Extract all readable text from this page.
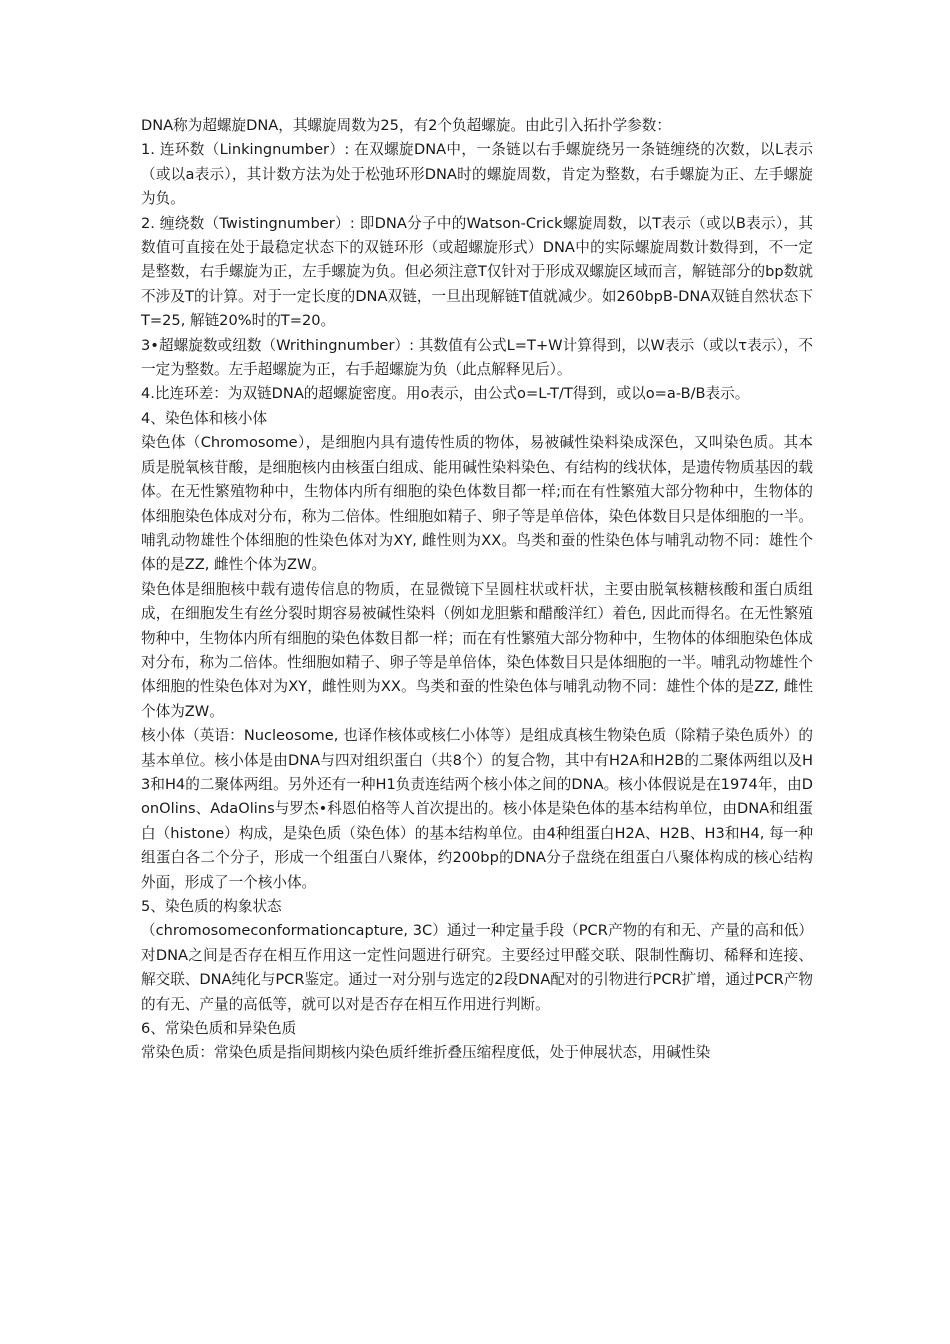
DNA称为超螺旋DNA，其螺旋周数为25，有2个负超螺旋。由此引入拓扑学参数：

1. 连环数（Linkingnumber）: 在双螺旋DNA中，一条链以右手螺旋绕另一条链缠绕的次数，以L表示（或以a表示），其计数方法为处于松弛环形DNA时的螺旋周数，肯定为整数，右手螺旋为正、左手螺旋为负。

2. 缠绕数（Twistingnumber）: 即DNA分子中的Watson-Crick螺旋周数，以T表示（或以B表示），其数值可直接在处于最稳定状态下的双链环形（或超螺旋形式）DNA中的实际螺旋周数计数得到，不一定是整数，右手螺旋为正，左手螺旋为负。但必须注意T仅针对于形成双螺旋区域而言，解链部分的bp数就不涉及T的计算。对于一定长度的DNA双链，一旦出现解链T值就减少。如260bpB-DNA双链自然状态下T=25, 解链20%时的T=20。

3•超螺旋数或纽数（Writhingnumber）: 其数值有公式L=T+W计算得到，以W表示（或以τ表示），不一定为整数。左手超螺旋为正，右手超螺旋为负（此点解释见后）。

4.比连环差：为双链DNA的超螺旋密度。用o表示，由公式o=L-T/T得到，或以o=a-B/B表示。

4、染色体和核小体

染色体（Chromosome），是细胞内具有遗传性质的物体，易被碱性染料染成深色，又叫染色质。其本质是脱氧核苷酸，是细胞核内由核蛋白组成、能用碱性染料染色、有结构的线状体，是遗传物质基因的载体。在无性繁殖物种中，生物体内所有细胞的染色体数目都一样;而在有性繁殖大部分物种中，生物体的体细胞染色体成对分布，称为二倍体。性细胞如精子、卵子等是单倍体，染色体数目只是体细胞的一半。哺乳动物雄性个体细胞的性染色体对为XY, 雌性则为XX。鸟类和蚕的性染色体与哺乳动物不同：雄性个体的是ZZ, 雌性个体为ZW。

染色体是细胞核中载有遗传信息的物质，在显微镜下呈圆柱状或杆状，主要由脱氧核糖核酸和蛋白质组成，在细胞发生有丝分裂时期容易被碱性染料（例如龙胆紫和醋酸洋红）着色, 因此而得名。在无性繁殖物种中，生物体内所有细胞的染色体数目都一样；而在有性繁殖大部分物种中，生物体的体细胞染色体成对分布，称为二倍体。性细胞如精子、卵子等是单倍体，染色体数目只是体细胞的一半。哺乳动物雄性个体细胞的性染色体对为XY，雌性则为XX。鸟类和蚕的性染色体与哺乳动物不同：雄性个体的是ZZ, 雌性个体为ZW。

核小体（英语：Nucleosome, 也译作核体或核仁小体等）是组成真核生物染色质（除精子染色质外）的基本单位。核小体是由DNA与四对组织蛋白（共8个）的复合物，其中有H2A和H2B的二聚体两组以及H3和H4的二聚体两组。另外还有一种H1负责连结两个核小体之间的DNA。核小体假说是在1974年，由DonOlins、AdaOlins与罗杰•科恩伯格等人首次提出的。核小体是染色体的基本结构单位，由DNA和组蛋白（histone）构成，是染色质（染色体）的基本结构单位。由4种组蛋白H2A、H2B、H3和H4, 每一种组蛋白各二个分子，形成一个组蛋白八聚体，约200bp的DNA分子盘绕在组蛋白八聚体构成的核心结构外面，形成了一个核小体。

5、染色质的构象状态

（chromosomeconformationcapture, 3C）通过一种定量手段（PCR产物的有和无、产量的高和低）对DNA之间是否存在相互作用这一定性问题进行研究。主要经过甲醛交联、限制性酶切、稀释和连接、解交联、DNA纯化与PCR鉴定。通过一对分别与选定的2段DNA配对的引物进行PCR扩增，通过PCR产物的有无、产量的高低等，就可以对是否存在相互作用进行判断。

6、常染色质和异染色质

常染色质：常染色质是指间期核内染色质纤维折叠压缩程度低，处于伸展状态，用碱性染
